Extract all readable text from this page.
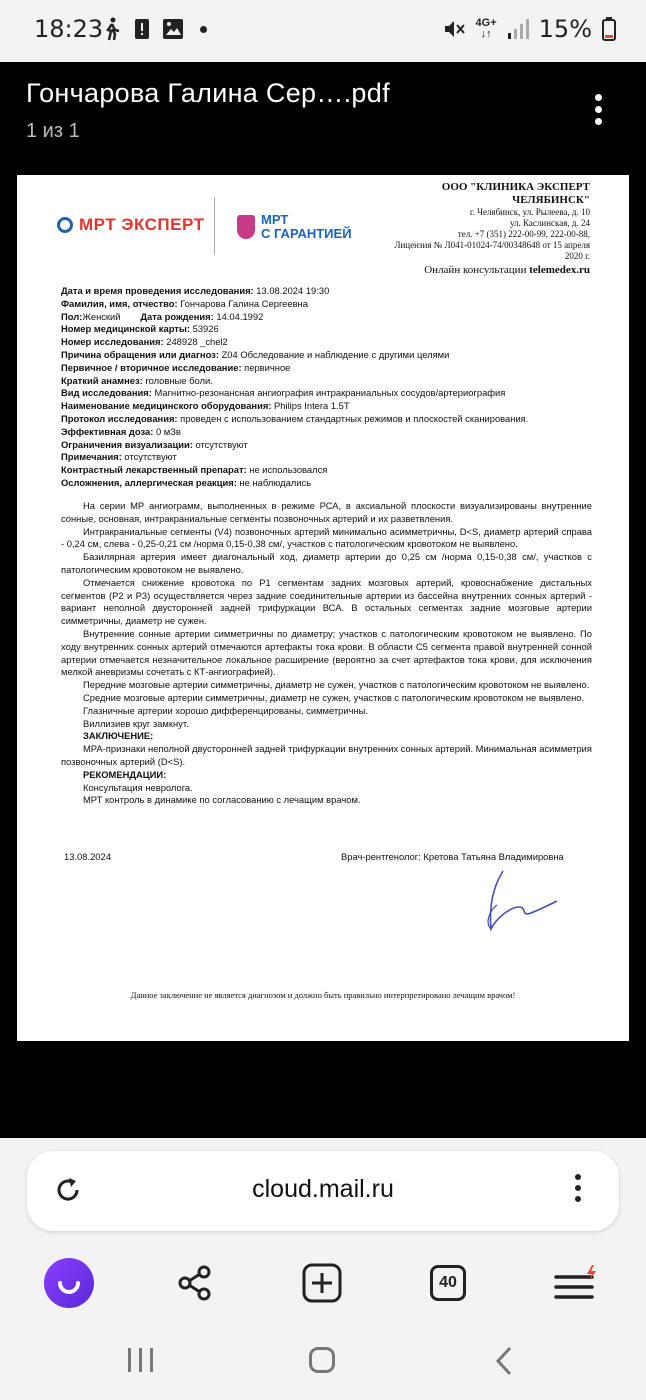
18:23	4G+
↓↑ 15%
Гончарова Галина Сер….pdf
1 из 1
МРТ ЭКСПЕРТ	МРТ
С ГАРАНТИЕЙ
ООО "КЛИНИКА ЭКСПЕРТ
ЧЕЛЯБИНСК"
г. Челябинск, ул. Рылеева, д. 10
ул. Каслинская, д. 24
тел. +7 (351) 222-00-99, 222-00-88,
Лицензия № Л041-01024-74/00348648 от 15 апреля
2020 г.
Онлайн консультации telemedex.ru
Дата и время проведения исследования: 13.08.2024 19:30
Фамилия, имя, отчество: Гончарова Галина Сергеевна
Пол:Женский Дата рождения: 14.04.1992
Номер медицинской карты: 53926
Номер исследования: 248928 _chel2
Причина обращения или диагноз: Z04 Обследование и наблюдение с другими целями
Первичное / вторичное исследование: первичное
Краткий анамнез: головные боли.
Вид исследования: Магнитно-резонансная ангиография интракраниальных сосудов/артериография
Наименование медицинского оборудования: Philips Intera 1.5T
Протокол исследования: проведен с использованием стандартных режимов и плоскостей сканирования.
Эффективная доза: 0 мЗв
Ограничения визуализации: отсутствуют
Примечания: отсутствуют
Контрастный лекарственный препарат: не использовался
Осложнения, аллергическая реакция: не наблюдались

На серии МР ангиограмм, выполненных в режиме РСА, в аксиальной плоскости визуализированы внутренние сонные, основная, интракраниальные сегменты позвоночных артерий и их разветвления.

Интракраниальные сегменты (V4) позвоночных артерий минимально асимметричны, D<S, диаметр артерий справа - 0,24 см, слева - 0,25-0,21 см /норма 0,15-0,38 см/, участков с патологическим кровотоком не выявлено.

Базилярная артерия имеет диагональный ход, диаметр артерии до 0,25 см /норма 0,15-0,38 см/, участков с патологическим кровотоком не выявлено.

Отмечается снижение кровотока по Р1 сегментам задних мозговых артерий, кровоснабжение дистальных сегментов (Р2 и Р3) осуществляется через задние соединительные артерии из бассейна внутренних сонных артерий - вариант неполной двусторонней задней трифуркации ВСА. В остальных сегментах задние мозговые артерии симметричны, диаметр не сужен.

Внутренние сонные артерии симметричны по диаметру; участков с патологическим кровотоком не выявлено. По ходу внутренних сонных артерий отмечаются артефакты тока крови. В области С5 сегмента правой внутренней сонной артерии отмечается незначительное локальное расширение (вероятно за счет артефактов тока крови, для исключения мелкой аневризмы сочетать с КТ-ангиографией).

Передние мозговые артерии симметричны, диаметр не сужен, участков с патологическим кровотоком не выявлено.

Средние мозговые артерии симметричны, диаметр не сужен, участков с патологическим кровотоком не выявлено.

Глазничные артерии хорошо дифференцированы, симметричны.

Виллизиев круг замкнут.

ЗАКЛЮЧЕНИЕ:

МРА-признаки неполной двусторонней задней трифуркации внутренних сонных артерий. Минимальная асимметрия позвоночных артерий (D<S).

РЕКОМЕНДАЦИИ:

Консультация невролога.

МРТ контроль в динамике по согласованию с лечащим врачом.

13.08.2024	Врач-рентгенолог: Кретова Татьяна Владимировна
Данное заключение не является диагнозом и должно быть правильно интерпретировано лечащим врачом!
cloud.mail.ru
40
